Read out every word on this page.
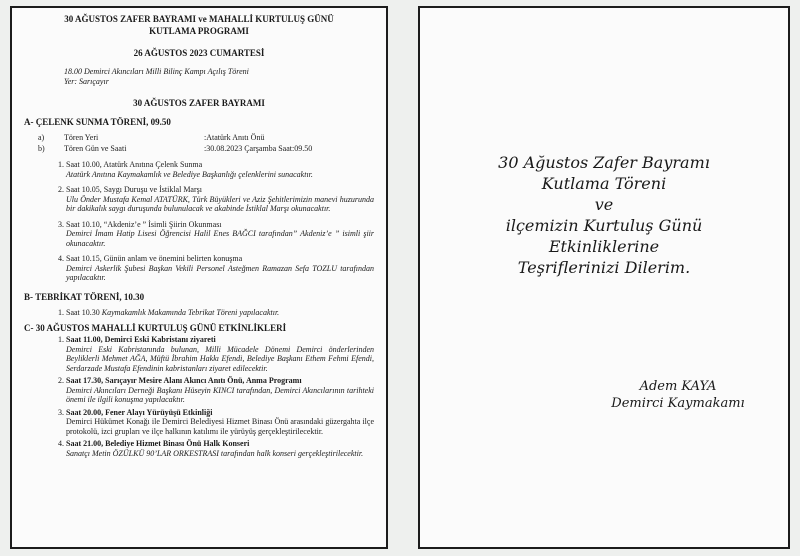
30 AĞUSTOS ZAFER BAYRAMI ve MAHALLİ KURTULUŞ GÜNÜ

KUTLAMA PROGRAMI

26 AĞUSTOS 2023 CUMARTESİ

18.00 Demirci Akıncıları Milli Bilinç Kampı Açılış Töreni
Yer: Sarıçayır

30 AĞUSTOS ZAFER BAYRAMI

A- ÇELENK SUNMA TÖRENİ, 09.50

a)	Tören Yeri	:Atatürk Anıtı Önü
b)	Tören Gün ve Saati	:30.08.2023 Çarşamba Saat:09.50
1. Saat 10.00, Atatürk Anıtına Çelenk Sunma
Atatürk Anıtına Kaymakamlık ve Belediye Başkanlığı çelenklerini sunacaktır.
2. Saat 10.05, Saygı Duruşu ve İstiklal Marşı
Ulu Önder Mustafa Kemal ATATÜRK, Türk Büyükleri ve Aziz Şehitlerimizin manevi huzurunda bir dakikalık saygı duruşunda bulunulacak ve akabinde İstiklal Marşı okunacaktır.
3. Saat 10.10, “Akdeniz’e ” İsimli Şiirin Okunması
Demirci İmam Hatip Lisesi Öğrencisi Halil Enes BAĞCI tarafından” Akdeniz’e ” isimli şiir okunacaktır.
4. Saat 10.15, Günün anlam ve önemini belirten konuşma
Demirci Askerlik Şubesi Başkan Vekili Personel Asteğmen Ramazan Sefa TOZLU tarafından yapılacaktır.

B- TEBRİKAT TÖRENİ, 10.30

1. Saat 10.30 Kaymakamlık Makamında Tebrikat Töreni yapılacaktır.

C- 30 AĞUSTOS MAHALLİ KURTULUŞ GÜNÜ ETKİNLİKLERİ

1. Saat 11.00, Demirci Eski Kabristanı ziyareti
Demirci Eski Kabristanında bulunan, Milli Mücadele Dönemi Demirci önderlerinden Beyliklerli Mehmet AĞA, Müftü İbrahim Hakkı Efendi, Belediye Başkanı Ethem Fehmi Efendi, Serdarzade Mustafa Efendinin kabristanları ziyaret edilecektir.
2. Saat 17.30, Sarıçayır Mesire Alanı Akıncı Anıtı Önü, Anma Programı
Demirci Akıncıları Derneği Başkanı Hüseyin KINCI tarafından, Demirci Akıncılarının tarihteki önemi ile ilgili konuşma yapılacaktır.
3. Saat 20.00, Fener Alayı Yürüyüşü Etkinliği
Demirci Hükümet Konağı ile Demirci Belediyesi Hizmet Binası Önü arasındaki güzergahta ilçe protokolü, izci grupları ve ilçe halkının katılımı ile yürüyüş gerçekleştirilecektir.
4. Saat 21.00, Belediye Hizmet Binası Önü Halk Konseri
Sanatçı Metin ÖZÜLKÜ 90’LAR ORKESTRASI tarafından halk konseri gerçekleştirilecektir.
30 Ağustos Zafer Bayramı
Kutlama Töreni
ve
ilçemizin Kurtuluş Günü
Etkinliklerine
Teşriflerinizi Dilerim.
Adem KAYA
Demirci Kaymakamı
